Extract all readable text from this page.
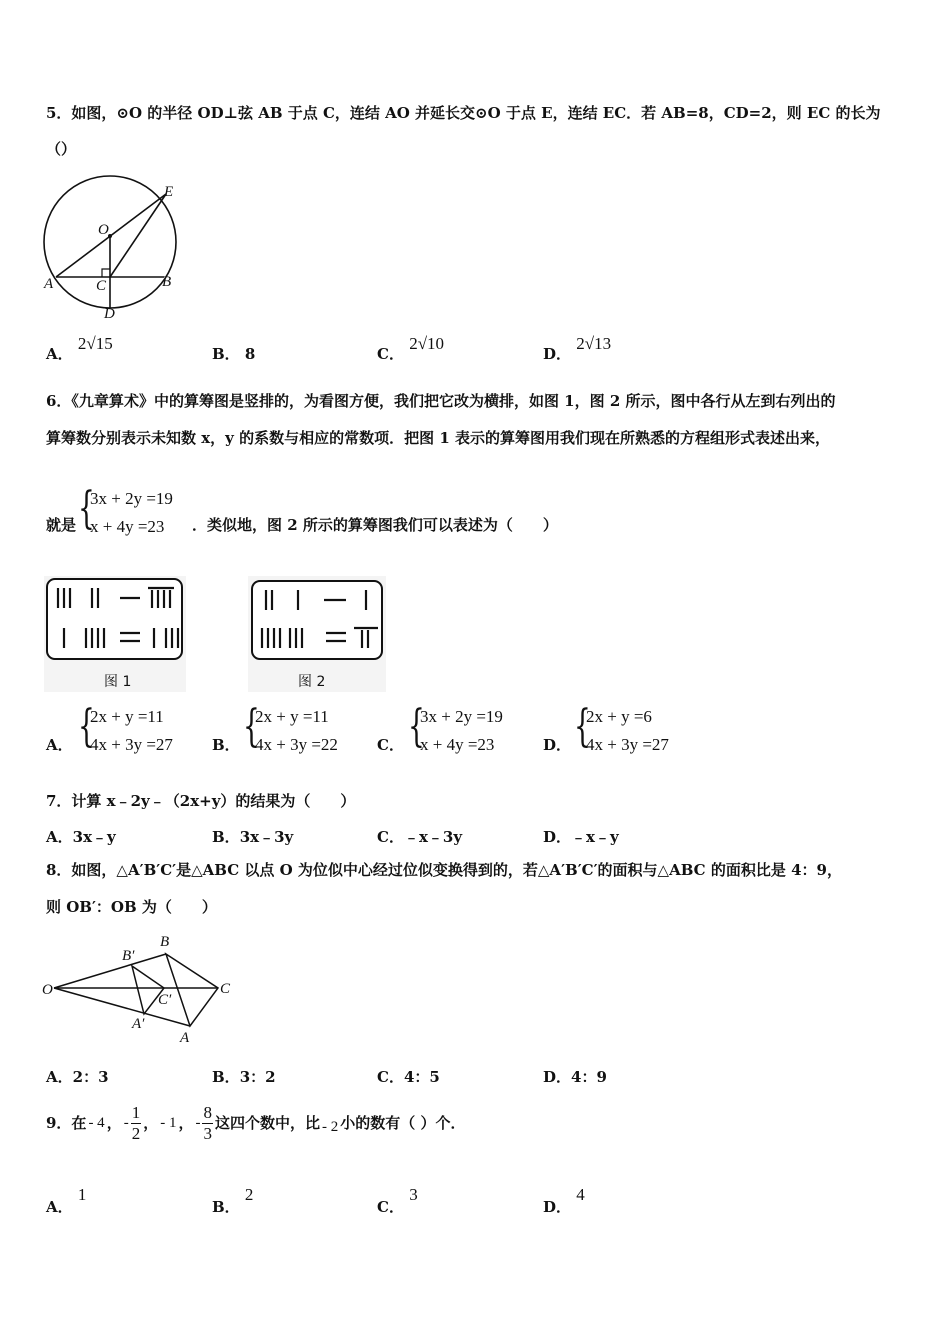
5．如图，⊙O 的半径 OD⊥弦 AB 于点 C，连结 AO 并延长交⊙O 于点 E，连结 EC．若 AB=8，CD=2，则 EC 的长为
（）
O
E
A	B
C
D
A． 2√15
B． 8	C． 2√10
D． 2√13
6．《九章算术》中的算筹图是竖排的，为看图方便，我们把它改为横排，如图 1，图 2 所示，图中各行从左到右列出的
算筹数分别表示未知数 x，y 的系数与相应的常数项．把图 1 表示的算筹图用我们现在所熟悉的方程组形式表述出来，
就是 {
3x + 2y =19
x + 4y =23 ．类似地，图 2 所示的算筹图我们可以表述为（　　）
图 1	图 2
A． {
2x + y =11
4x + 3y =27	B． {
2x + y =11
4x + 3y =22	C． {
3x + 2y =19
x + 4y =23	D． {
2x + y =6
4x + 3y =27
7．计算 x﹣2y﹣（2x+y）的结果为（　　）
A．3x﹣y	B．3x﹣3y	C．﹣x﹣3y	D．﹣x﹣y
8．如图，△A′B′C′是△ABC 以点 O 为位似中心经过位似变换得到的，若△A′B′C′的面积与△ABC 的面积比是 4：9，
则 OB′：OB 为（　　）
O
B′
B
C′
C
A′
A
A．2：3	B．3：2	C．4：5	D．4：9
9．在 - 4 ， - $\frac{1}{2}$ ， - 1 ， - $\frac{8}{3}$ 这四个数中，比 - 2 小的数有（ ）个．
A． 1
B． 2
C． 3
D． 4
